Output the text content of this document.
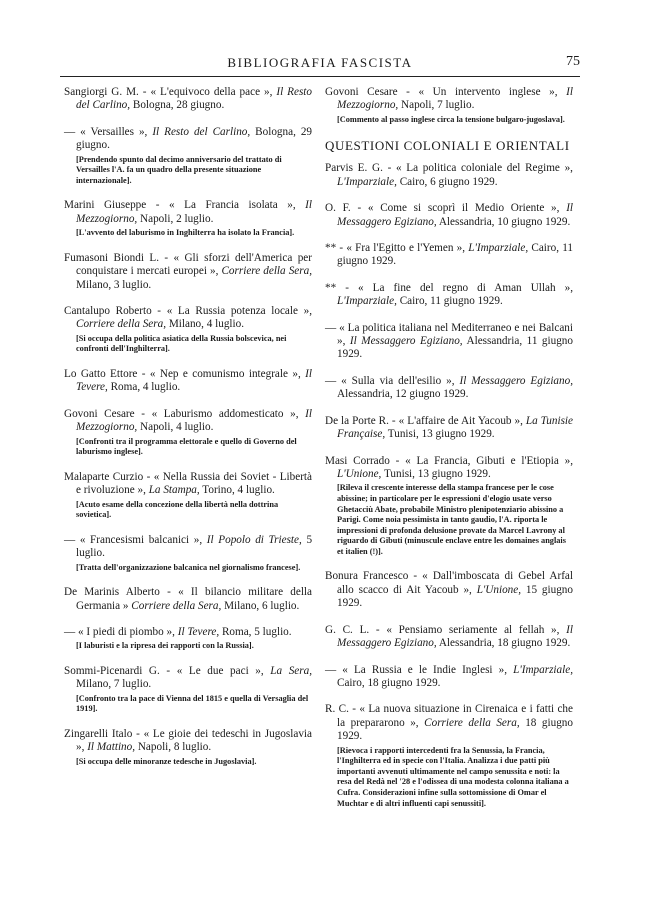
BIBLIOGRAFIA FASCISTA	75
Sangiorgi G. M. - « L'equivoco della pace », Il Resto del Carlino, Bologna, 28 giugno.
— « Versailles », Il Resto del Carlino, Bologna, 29 giugno.
[Prendendo spunto dal decimo anniversario del trattato di Versailles l'A. fa un quadro della presente situazione internazionale].
Marini Giuseppe - « La Francia isolata », Il Mezzogiorno, Napoli, 2 luglio.
[L'avvento del laburismo in Inghilterra ha isolato la Francia].
Fumasoni Biondi L. - « Gli sforzi dell'America per conquistare i mercati europei », Corriere della Sera, Milano, 3 luglio.
Cantalupo Roberto - « La Russia potenza locale », Corriere della Sera, Milano, 4 luglio.
[Si occupa della politica asiatica della Russia bolscevica, nei confronti dell'Inghilterra].
Lo Gatto Ettore - « Nep e comunismo integrale », Il Tevere, Roma, 4 luglio.
Govoni Cesare - « Laburismo addomesticato », Il Mezzogiorno, Napoli, 4 luglio.
[Confronti tra il programma elettorale e quello di Governo del laburismo inglese].
Malaparte Curzio - « Nella Russia dei Soviet - Libertà e rivoluzione », La Stampa, Torino, 4 luglio.
[Acuto esame della concezione della libertà nella dottrina sovietica].
— « Francesismi balcanici », Il Popolo di Trieste, 5 luglio.
[Tratta dell'organizzazione balcanica nel giornalismo francese].
De Marinis Alberto - « Il bilancio militare della Germania » Corriere della Sera, Milano, 6 luglio.
— « I piedi di piombo », Il Tevere, Roma, 5 luglio.
[I laburisti e la ripresa dei rapporti con la Russia].
Sommi-Picenardi G. - « Le due paci », La Sera, Milano, 7 luglio.
[Confronto tra la pace di Vienna del 1815 e quella di Versaglia del 1919].
Zingarelli Italo - « Le gioie dei tedeschi in Jugoslavia », Il Mattino, Napoli, 8 luglio.
[Si occupa delle minoranze tedesche in Jugoslavia].
Govoni Cesare - « Un intervento inglese », Il Mezzogiorno, Napoli, 7 luglio.
[Commento al passo inglese circa la tensione bulgaro-jugoslava].
QUESTIONI COLONIALI E ORIENTALI
Parvis E. G. - « La politica coloniale del Regime », L'Imparziale, Cairo, 6 giugno 1929.
O. F. - « Come si scoprì il Medio Oriente », Il Messaggero Egiziano, Alessandria, 10 giugno 1929.
** - « Fra l'Egitto e l'Yemen », L'Imparziale, Cairo, 11 giugno 1929.
** - « La fine del regno di Aman Ullah », L'Imparziale, Cairo, 11 giugno 1929.
— « La politica italiana nel Mediterraneo e nei Balcani », Il Messaggero Egiziano, Alessandria, 11 giugno 1929.
— « Sulla via dell'esilio », Il Messaggero Egiziano, Alessandria, 12 giugno 1929.
De la Porte R. - « L'affaire de Ait Yacoub », La Tunisie Française, Tunisi, 13 giugno 1929.
Masi Corrado - « La Francia, Gibuti e l'Etiopia », L'Unione, Tunisi, 13 giugno 1929.
[Rileva il crescente interesse della stampa francese per le cose abissine; in particolare per le espressioni d'elogio usate verso Ghetacciù Abate, probabile Ministro plenipotenziario abissino a Parigi. Come noia pessimista in tanto gaudio, l'A. riporta le impressioni di profonda delusione provate da Marcel Lavrony al riguardo di Gibuti (minuscule enclave entre les domaines anglais et italien (!)].
Bonura Francesco - « Dall'imboscata di Gebel Arfal allo scacco di Ait Yacoub », L'Unione, 15 giugno 1929.
G. C. L. - « Pensiamo seriamente al fellah », Il Messaggero Egiziano, Alessandria, 18 giugno 1929.
— « La Russia e le Indie Inglesi », L'Imparziale, Cairo, 18 giugno 1929.
R. C. - « La nuova situazione in Cirenaica e i fatti che la prepararono », Corriere della Sera, 18 giugno 1929.
[Rievoca i rapporti intercedenti fra la Senussia, la Francia, l'Inghilterra ed in specie con l'Italia. Analizza i due patti più importanti avvenuti ultimamente nel campo senussita e noti: la resa del Redà nel '28 e l'odissea di una modesta colonna italiana a Cufra. Considerazioni infine sulla sottomissione di Omar el Muchtar e di altri influenti capi senussiti].
